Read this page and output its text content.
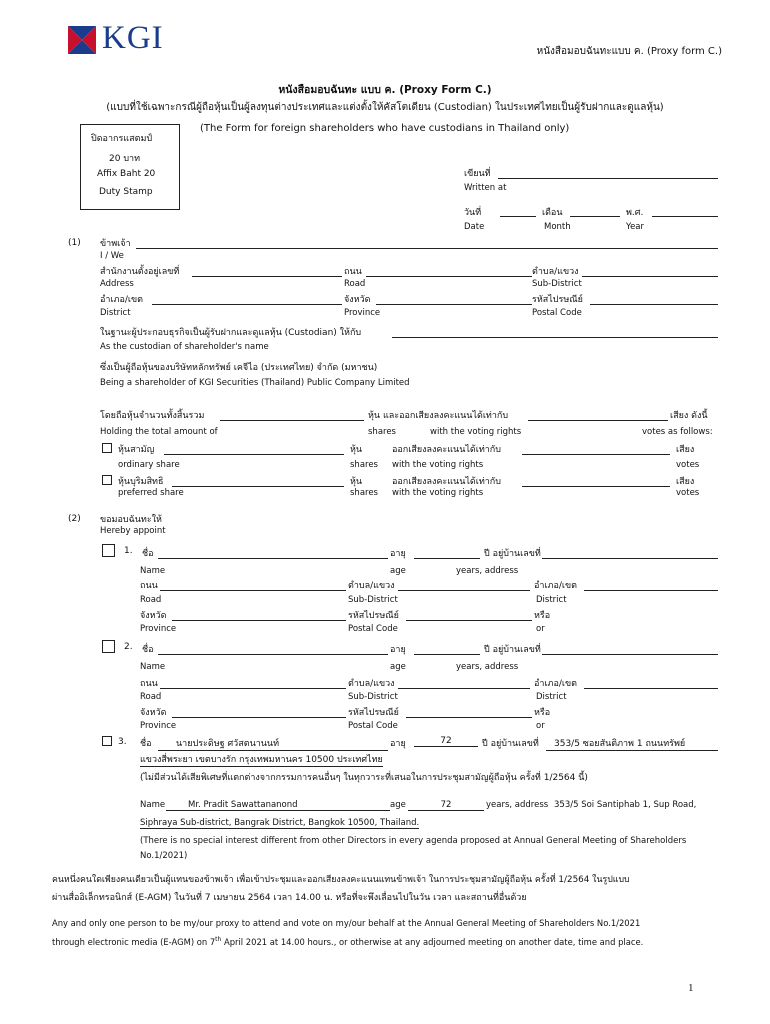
KGI	หนังสือมอบฉันทะแบบ ค. (Proxy form C.)
หนังสือมอบฉันทะ แบบ ค. (Proxy Form C.)
(แบบที่ใช้เฉพาะกรณีผู้ถือหุ้นเป็นผู้ลงทุนต่างประเทศและแต่งตั้งให้คัสโตเดียน (Custodian) ในประเทศไทยเป็นผู้รับฝากและดูแลหุ้น)
(The Form for foreign shareholders who have custodians in Thailand only)
ปิดอากรแสตมป์
20 บาท
Affix Baht 20
Duty Stamp
เขียนที่
Written at
วันที่	เดือน	พ.ศ.
Date	Month	Year
(1) ข้าพเจ้า
I / We
สำนักงานตั้งอยู่เลขที่	ถนน	ตำบล/แขวง
Address	Road	Sub-District
อำเภอ/เขต	จังหวัด	รหัสไปรษณีย์
District	Province	Postal Code
ในฐานะผู้ประกอบธุรกิจเป็นผู้รับฝากและดูแลหุ้น (Custodian) ให้กับ
As the custodian of shareholder's name
ซึ่งเป็นผู้ถือหุ้นของบริษัทหลักทรัพย์ เคจีไอ (ประเทศไทย) จำกัด (มหาชน)
Being a shareholder of KGI Securities (Thailand) Public Company Limited
โดยถือหุ้นจำนวนทั้งสิ้นรวม	หุ้น และออกเสียงลงคะแนนได้เท่ากับ	เสียง ดังนี้
Holding the total amount of	shares	with the voting rights	votes as follows:
หุ้นสามัญ	หุ้น	ออกเสียงลงคะแนนได้เท่ากับ	เสียง
ordinary share	shares with the voting rights	votes
หุ้นบุริมสิทธิ	หุ้น	ออกเสียงลงคะแนนได้เท่ากับ	เสียง
preferred share	shares with the voting rights	votes
(2) ขอมอบฉันทะให้
Hereby appoint
1. ชื่อ	อายุ	ปี อยู่บ้านเลขที่
Name	age	years, address
ถนน	ตำบล/แขวง	อำเภอ/เขต
Road	Sub-District	District
จังหวัด	รหัสไปรษณีย์	หรือ
Province	Postal Code	or
2. ชื่อ	อายุ	ปี อยู่บ้านเลขที่
Name	age	years, address
ถนน	ตำบล/แขวง	อำเภอ/เขต
Road	Sub-District	District
จังหวัด	รหัสไปรษณีย์	หรือ
Province	Postal Code	or
3. ชื่อ	นายประดิษฐ ศวัสตนานนท์	อายุ	72	ปี อยู่บ้านเลขที่	353/5 ซอยสันติภาพ 1 ถนนทรัพย์
แขวงสี่พระยา เขตบางรัก กรุงเทพมหานคร 10500 ประเทศไทย
(ไม่มีส่วนได้เสียพิเศษที่แตกต่างจากกรรมการคนอื่นๆ ในทุกวาระที่เสนอในการประชุมสามัญผู้ถือหุ้น ครั้งที่ 1/2564 นี้)
Name	Mr. Pradit Sawattananond	age	72	years, address 353/5 Soi Santiphab 1, Sup Road,
Siphraya Sub-district, Bangrak District, Bangkok 10500, Thailand.
(There is no special interest different from other Directors in every agenda proposed at Annual General Meeting of Shareholders
No.1/2021)
คนหนึ่งคนใดเพียงคนเดียวเป็นผู้แทนของข้าพเจ้า เพื่อเข้าประชุมและออกเสียงลงคะแนนแทนข้าพเจ้า ในการประชุมสามัญผู้ถือหุ้น ครั้งที่ 1/2564 ในรูปแบบ
ผ่านสื่ออิเล็กทรอนิกส์ (E-AGM) ในวันที่ 7 เมษายน 2564 เวลา 14.00 น. หรือที่จะพึงเลื่อนไปในวัน เวลา และสถานที่อื่นด้วย
Any and only one person to be my/our proxy to attend and vote on my/our behalf at the Annual General Meeting of Shareholders No.1/2021
through electronic media (E-AGM) on 7th April 2021 at 14.00 hours., or otherwise at any adjourned meeting on another date, time and place.
1
